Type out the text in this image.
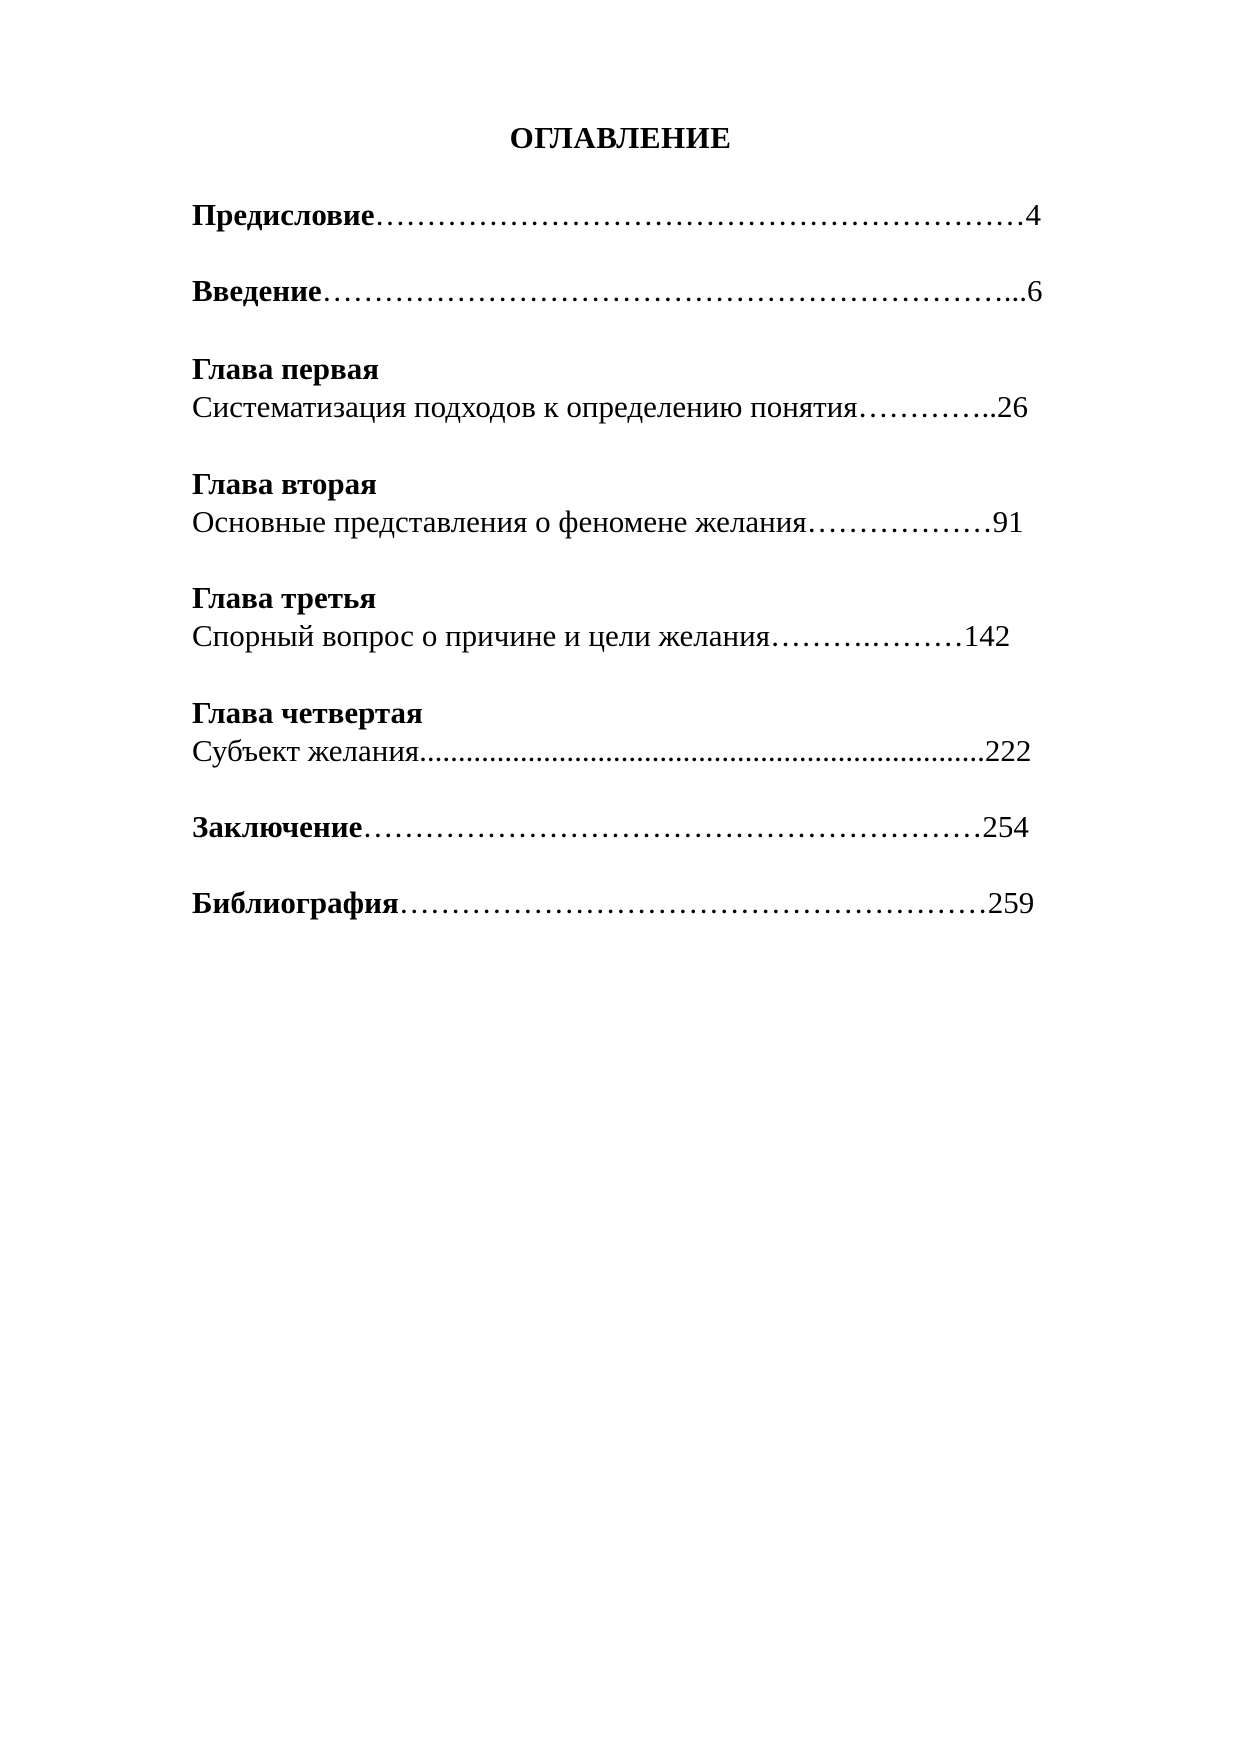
ОГЛАВЛЕНИЕ
Предисловие………………………………………………………4
Введение…………………………………………………………...6
Глава первая
Систематизация подходов к определению понятия…………..26
Глава вторая
Основные представления о феномене желания………………91
Глава третья
Спорный вопрос о причине и цели желания……….………142
Глава четвертая
Субъект желания.........................................................................222
Заключение……………………………………………………254
Библиография…………………………………………………259
